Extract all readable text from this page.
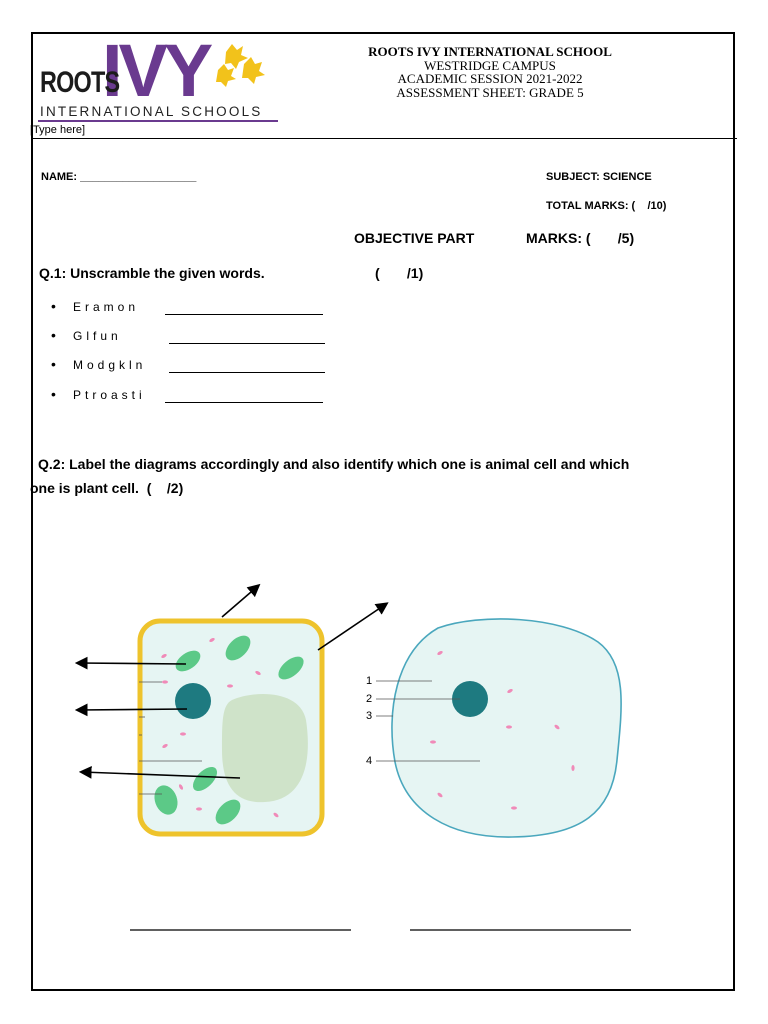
IVY
ROOTS
INTERNATIONAL SCHOOLS
[Type here]
ROOTS IVY INTERNATIONAL SCHOOL
WESTRIDGE CAMPUS
ACADEMIC SESSION 2021-2022
ASSESSMENT SHEET: GRADE 5
NAME: ___________________	SUBJECT: SCIENCE
TOTAL MARKS: (    /10)
OBJECTIVE PART	MARKS: (       /5)
Q.1: Unscramble the given words.	(       /1)
• Eramon
• Glfun
• Modgkln
• Ptroasti
Q.2: Label the diagrams accordingly and also identify which one is animal cell and which
one is plant cell.  (    /2)
1
2
3
4
